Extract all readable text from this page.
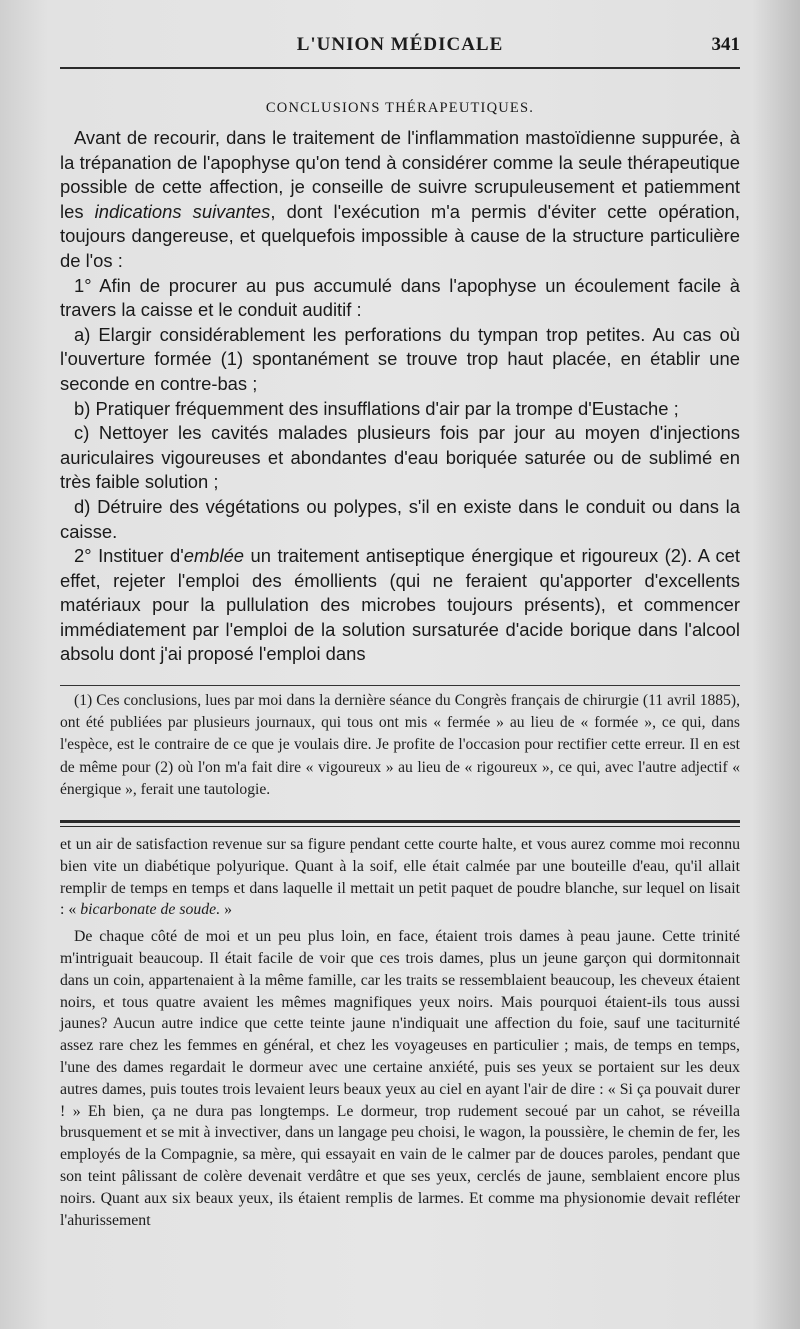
L'UNION MÉDICALE	341
CONCLUSIONS THÉRAPEUTIQUES.

Avant de recourir, dans le traitement de l'inflammation mastoïdienne suppurée, à la trépanation de l'apophyse qu'on tend à considérer comme la seule thérapeutique possible de cette affection, je conseille de suivre scrupuleusement et patiemment les indications suivantes, dont l'exécution m'a permis d'éviter cette opération, toujours dangereuse, et quelquefois impossible à cause de la structure particulière de l'os :

1° Afin de procurer au pus accumulé dans l'apophyse un écoulement facile à travers la caisse et le conduit auditif :

a) Elargir considérablement les perforations du tympan trop petites. Au cas où l'ouverture formée (1) spontanément se trouve trop haut placée, en établir une seconde en contre-bas ;

b) Pratiquer fréquemment des insufflations d'air par la trompe d'Eustache ;

c) Nettoyer les cavités malades plusieurs fois par jour au moyen d'injections auriculaires vigoureuses et abondantes d'eau boriquée saturée ou de sublimé en très faible solution ;

d) Détruire des végétations ou polypes, s'il en existe dans le conduit ou dans la caisse.

2° Instituer d'emblée un traitement antiseptique énergique et rigoureux (2). A cet effet, rejeter l'emploi des émollients (qui ne feraient qu'apporter d'excellents matériaux pour la pullulation des microbes toujours présents), et commencer immédiatement par l'emploi de la solution sursaturée d'acide borique dans l'alcool absolu dont j'ai proposé l'emploi dans

(1) Ces conclusions, lues par moi dans la dernière séance du Congrès français de chirurgie (11 avril 1885), ont été publiées par plusieurs journaux, qui tous ont mis « fermée » au lieu de « formée », ce qui, dans l'espèce, est le contraire de ce que je voulais dire. Je profite de l'occasion pour rectifier cette erreur. Il en est de même pour (2) où l'on m'a fait dire « vigoureux » au lieu de « rigoureux », ce qui, avec l'autre adjectif « énergique », ferait une tautologie.

et un air de satisfaction revenue sur sa figure pendant cette courte halte, et vous aurez comme moi reconnu bien vite un diabétique polyurique. Quant à la soif, elle était calmée par une bouteille d'eau, qu'il allait remplir de temps en temps et dans laquelle il mettait un petit paquet de poudre blanche, sur lequel on lisait : « bicarbonate de soude. »

De chaque côté de moi et un peu plus loin, en face, étaient trois dames à peau jaune. Cette trinité m'intriguait beaucoup. Il était facile de voir que ces trois dames, plus un jeune garçon qui dormitonnait dans un coin, appartenaient à la même famille, car les traits se ressemblaient beaucoup, les cheveux étaient noirs, et tous quatre avaient les mêmes magnifiques yeux noirs. Mais pourquoi étaient-ils tous aussi jaunes? Aucun autre indice que cette teinte jaune n'indiquait une affection du foie, sauf une taciturnité assez rare chez les femmes en général, et chez les voyageuses en particulier ; mais, de temps en temps, l'une des dames regardait le dormeur avec une certaine anxiété, puis ses yeux se portaient sur les deux autres dames, puis toutes trois levaient leurs beaux yeux au ciel en ayant l'air de dire : « Si ça pouvait durer ! » Eh bien, ça ne dura pas longtemps. Le dormeur, trop rudement secoué par un cahot, se réveilla brusquement et se mit à invectiver, dans un langage peu choisi, le wagon, la poussière, le chemin de fer, les employés de la Compagnie, sa mère, qui essayait en vain de le calmer par de douces paroles, pendant que son teint pâlissant de colère devenait verdâtre et que ses yeux, cerclés de jaune, semblaient encore plus noirs. Quant aux six beaux yeux, ils étaient remplis de larmes. Et comme ma physionomie devait refléter l'ahurissement
